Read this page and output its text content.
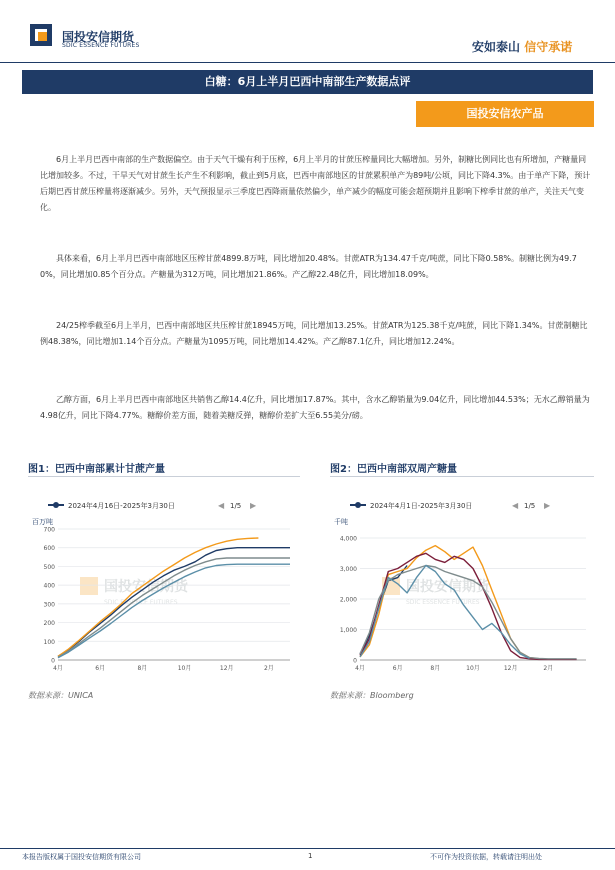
国投安信期货
SDIC ESSENCE FUTURES	安如泰山 信守承诺
白糖：6月上半月巴西中南部生产数据点评
国投安信农产品
6月上半月巴西中南部的生产数据偏空。由于天气干燥有利于压榨，6月上半月的甘蔗压榨量同比大幅增加。另外，制糖比例同比也有所增加，产糖量同比增加较多。不过，干旱天气对甘蔗生长产生不利影响，截止到5月底，巴西中南部地区的甘蔗累积单产为89吨/公顷，同比下降4.3%。由于单产下降，预计后期巴西甘蔗压榨量将逐渐减少。另外，天气预报显示三季度巴西降雨量依然偏少，单产减少的幅度可能会超预期并且影响下榨季甘蔗的单产，关注天气变化。
具体来看，6月上半月巴西中南部地区压榨甘蔗4899.8万吨，同比增加20.48%。甘蔗ATR为134.47千克/吨蔗，同比下降0.58%。制糖比例为49.70%，同比增加0.85个百分点。产糖量为312万吨，同比增加21.86%。产乙醇22.48亿升，同比增加18.09%。
24/25榨季截至6月上半月，巴西中南部地区共压榨甘蔗18945万吨，同比增加13.25%。甘蔗ATR为125.38千克/吨蔗，同比下降1.34%。甘蔗制糖比例48.38%，同比增加1.14个百分点。产糖量为1095万吨，同比增加14.42%。产乙醇87.1亿升，同比增加12.24%。
乙醇方面，6月上半月巴西中南部地区共销售乙醇14.4亿升，同比增加17.87%。其中，含水乙醇销量为9.04亿升，同比增加44.53%；无水乙醇销量为4.98亿升，同比下降4.77%。糖醇价差方面，随着美糖反弹，糖醇价差扩大至6.55美分/磅。
图1：巴西中南部累计甘蔗产量
2024年4月16日-2025年3月30日	◀ 1/5 ▶
百万吨
国投安信期货
SDIC ESSENCE FUTURES
0
100
200
300
400
500
600
700
4月	6月	8月	10月	12月	2月
数据来源：UNICA
图2：巴西中南部双周产糖量
2024年4月1日-2025年3月30日	◀ 1/5 ▶
千吨
国投安信期货
SDIC ESSENCE FUTURES
0
1,000
2,000
3,000
4,000
4月	6月	8月	10月	12月	2月
数据来源：Bloomberg
本报告版权属于国投安信期货有限公司	1	不可作为投资依据，转载请注明出处
